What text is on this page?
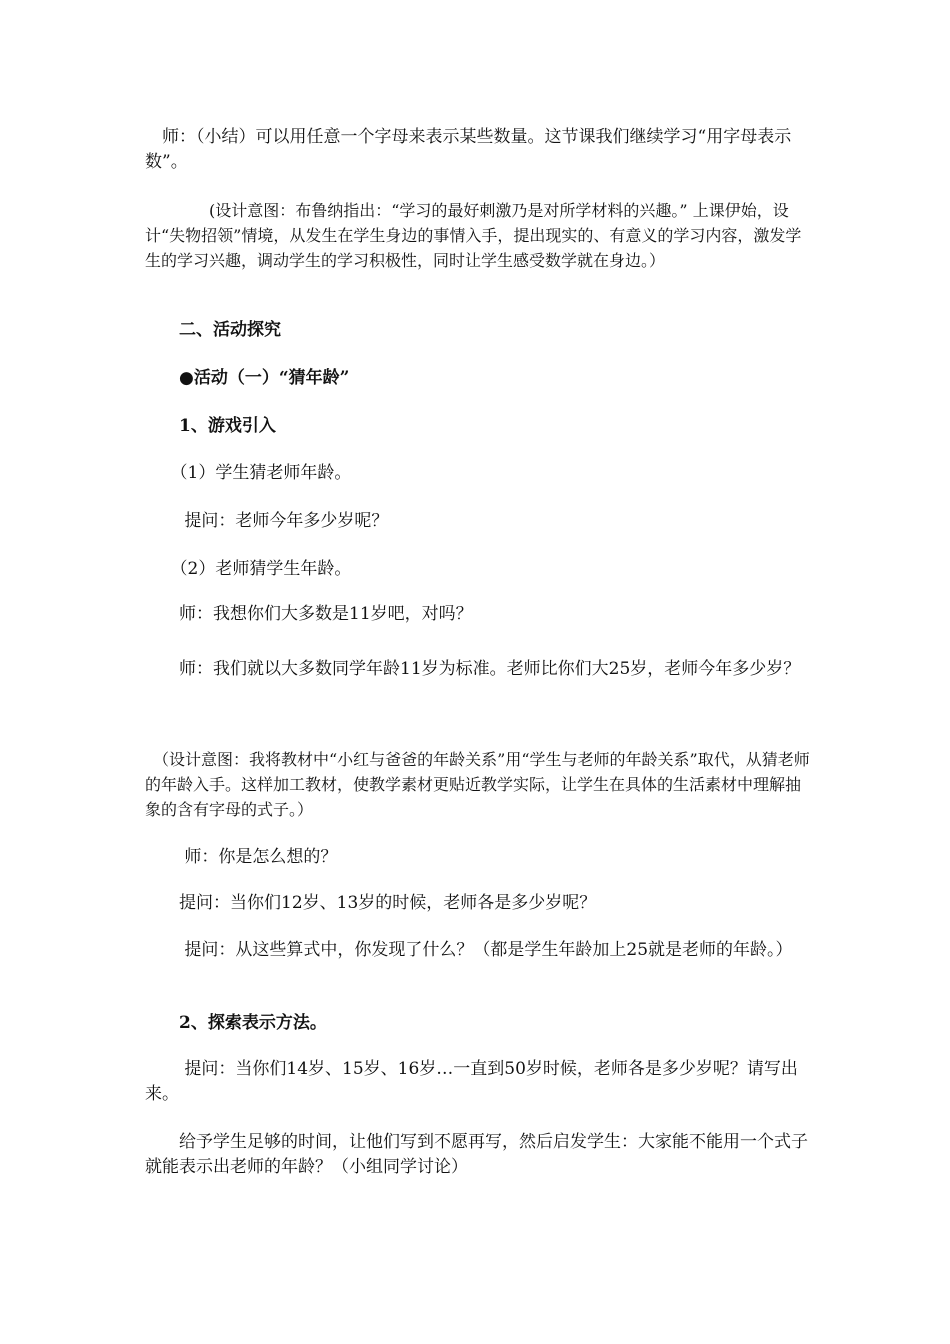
　师：（小结）可以用任意一个字母来表示某些数量。这节课我们继续学习“用字母表示数”。

　　　　(设计意图：布鲁纳指出：“学习的最好刺激乃是对所学材料的兴趣。” 上课伊始，设计“失物招领”情境，从发生在学生身边的事情入手，提出现实的、有意义的学习内容，激发学生的学习兴趣，调动学生的学习积极性，同时让学生感受数学就在身边。）

　　二、活动探究

　　●活动（一）“猜年龄”

　　1、游戏引入

　　（1）学生猜老师年龄。

　　 提问：老师今年多少岁呢？

　　（2）老师猜学生年龄。

　　师：我想你们大多数是11岁吧，对吗？

　　师：我们就以大多数同学年龄11岁为标准。老师比你们大25岁，老师今年多少岁？

　（设计意图：我将教材中“小红与爸爸的年龄关系”用“学生与老师的年龄关系”取代，从猜老师的年龄入手。这样加工教材，使教学素材更贴近教学实际，让学生在具体的生活素材中理解抽象的含有字母的式子。）

　　 师：你是怎么想的？

　　提问：当你们12岁、13岁的时候，老师各是多少岁呢？

　　 提问：从这些算式中，你发现了什么？（都是学生年龄加上25就是老师的年龄。）

　　2、探索表示方法。

　　 提问：当你们14岁、15岁、16岁…一直到50岁时候，老师各是多少岁呢？请写出来。

　　给予学生足够的时间，让他们写到不愿再写，然后启发学生：大家能不能用一个式子就能表示出老师的年龄？（小组同学讨论）
